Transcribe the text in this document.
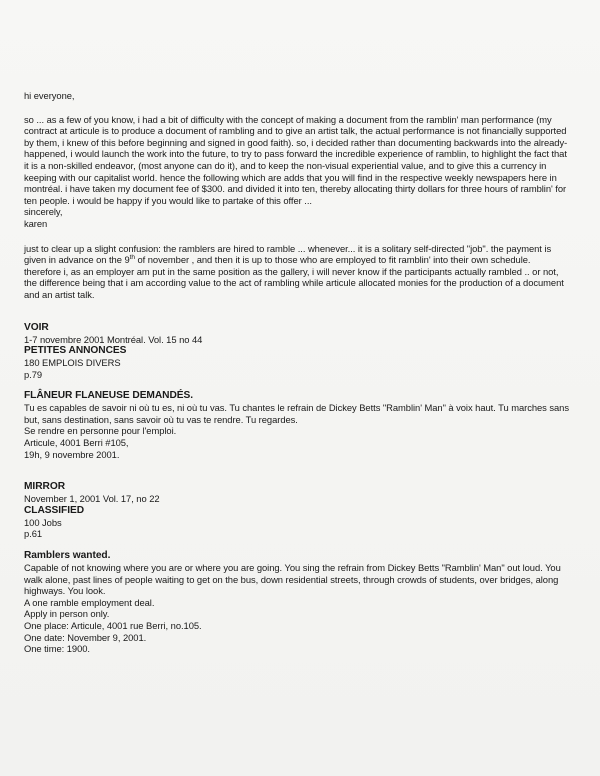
hi everyone,

so ... as a few of you know, i had a bit of difficulty with the concept of making a document from the ramblin' man performance (my contract at articule is to produce a document of rambling and to give an artist talk, the actual performance is not financially supported by them, i knew of this before beginning and signed in good faith). so, i decided rather than documenting backwards into the already-happened, i would launch the work into the future, to try to pass forward the incredible experience of ramblin, to highlight the fact that it is a non-skilled endeavor, (most anyone can do it), and to keep the non-visual experiential value, and to give this a currency in keeping with our capitalist world. hence the following which are adds that you will find in the respective weekly newspapers here in montréal. i have taken my document fee of $300. and divided it into ten, thereby allocating thirty dollars for three hours of ramblin' for ten people. i would be happy if you would like to partake of this offer ...

sincerely,

karen

just to clear up a slight confusion: the ramblers are hired to ramble ... whenever... it is a solitary self-directed "job". the payment is given in advance on the 9th of november , and then it is up to those who are employed to fit ramblin' into their own schedule. therefore i, as an employer am put in the same position as the gallery, i will never know if the participants actually rambled .. or not, the difference being that i am according value to the act of rambling while articule allocated monies for the production of a document and an artist talk.

VOIR
1-7 novembre 2001 Montréal. Vol. 15 no 44
PETITES ANNONCES
180 EMPLOIS DIVERS
p.79
FLÂNEUR FLANEUSE DEMANDÉS.

Tu es capables de savoir ni où tu es, ni où tu vas. Tu chantes le refrain de Dickey Betts "Ramblin' Man" à voix haut. Tu marches sans but, sans destination, sans savoir où tu vas te rendre. Tu regardes.

Se rendre en personne pour l'emploi.
Articule, 4001 Berri #105,
19h, 9 novembre 2001.
MIRROR
November 1, 2001 Vol. 17, no 22
CLASSIFIED
100 Jobs
p.61
Ramblers wanted.

Capable of not knowing where you are or where you are going. You sing the refrain from Dickey Betts "Ramblin' Man" out loud. You walk alone, past lines of people waiting to get on the bus, down residential streets, through crowds of students, over bridges, along highways. You look.

A one ramble employment deal.
Apply in person only.
One place: Articule, 4001 rue Berri, no.105.
One date: November 9, 2001.
One time: 1900.
